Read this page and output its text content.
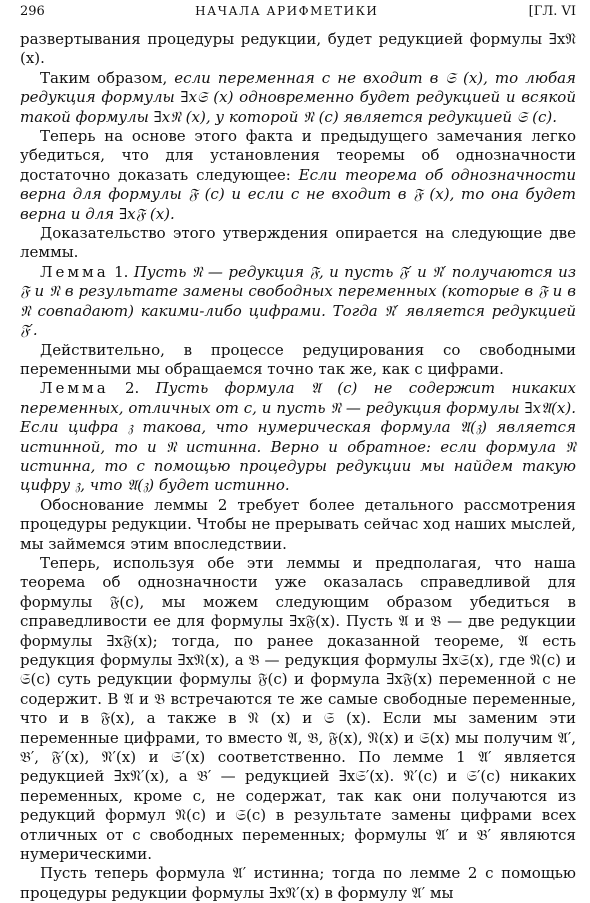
296	НАЧАЛА АРИФМЕТИКИ	[ГЛ. VI

развертывания процедуры редукции, будет редукцией формулы ∃x𝔑 (x).

Таким образом, если переменная c не входит в 𝔖 (x), то любая редукция формулы ∃x𝔖 (x) одновременно будет редукцией и всякой такой формулы ∃x𝔑 (x), у которой 𝔑 (c) является редукцией 𝔖 (c).

Теперь на основе этого факта и предыдущего замечания легко убедиться, что для установления теоремы об однозначности достаточно доказать следующее: Если теорема об однозначности верна для формулы 𝔉 (c) и если c не входит в 𝔉 (x), то она будет верна и для ∃x𝔉 (x).

Доказательство этого утверждения опирается на следующие две леммы.

Лемма 1. Пусть 𝔑 — редукция 𝔉, и пусть 𝔉′ и 𝔑′ получаются из 𝔉 и 𝔑 в результате замены свободных переменных (которые в 𝔉 и в 𝔑 совпадают) какими-либо цифрами. Тогда 𝔑′ является редукцией 𝔉′.

Действительно, в процессе редуцирования со свободными переменными мы обращаемся точно так же, как с цифрами.

Лемма 2. Пусть формула 𝔄 (c) не содержит никаких переменных, отличных от c, и пусть 𝔑 — редукция формулы ∃x𝔄(x). Если цифра 𝔷 такова, что нумерическая формула 𝔄(𝔷) является истинной, то и 𝔑 истинна. Верно и обратное: если формула 𝔑 истинна, то с помощью процедуры редукции мы найдем такую цифру 𝔷, что 𝔄(𝔷) будет истинно.

Обоснование леммы 2 требует более детального рассмотрения процедуры редукции. Чтобы не прерывать сейчас ход наших мыслей, мы займемся этим впоследствии.

Теперь, используя обе эти леммы и предполагая, что наша теорема об однозначности уже оказалась справедливой для формулы 𝔉(c), мы можем следующим образом убедиться в справедливости ее для формулы ∃x𝔉(x). Пусть 𝔄 и 𝔅 — две редукции формулы ∃x𝔉(x); тогда, по ранее доказанной теореме, 𝔄 есть редукция формулы ∃x𝔑(x), а 𝔅 — редукция формулы ∃x𝔖(x), где 𝔑(c) и 𝔖(c) суть редукции формулы 𝔉(c) и формула ∃x𝔉(x) переменной c не содержит. В 𝔄 и 𝔅 встречаются те же самые свободные переменные, что и в 𝔉(x), а также в 𝔑 (x) и 𝔖 (x). Если мы заменим эти переменные цифрами, то вместо 𝔄, 𝔅, 𝔉(x), 𝔑(x) и 𝔖(x) мы получим 𝔄′, 𝔅′, 𝔉′(x), 𝔑′(x) и 𝔖′(x) соответственно. По лемме 1 𝔄′ является редукцией ∃x𝔑′(x), а 𝔅′ — редукцией ∃x𝔖′(x). 𝔑′(c) и 𝔖′(c) никаких переменных, кроме c, не содержат, так как они получаются из редукций формул 𝔑(c) и 𝔖(c) в результате замены цифрами всех отличных от c свободных переменных; формулы 𝔄′ и 𝔅′ являются нумерическими.

Пусть теперь формула 𝔄′ истинна; тогда по лемме 2 с помощью процедуры редукции формулы ∃x𝔑′(x) в формулу 𝔄′ мы
